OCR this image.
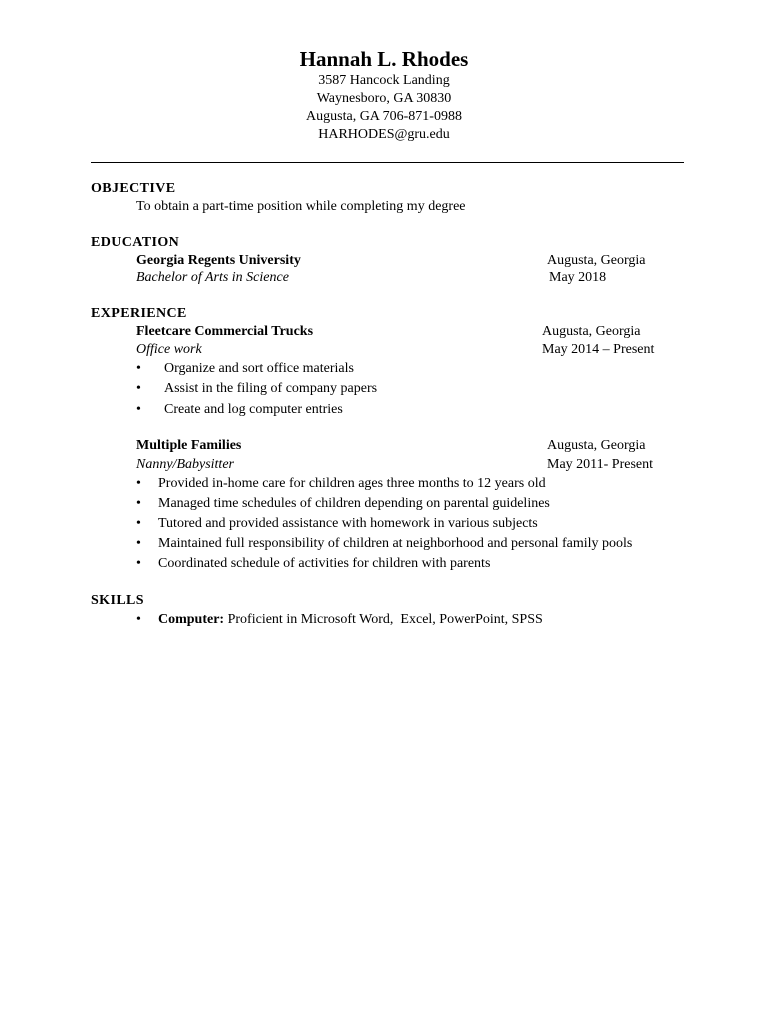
Hannah L. Rhodes
3587 Hancock Landing
Waynesboro, GA 30830
Augusta, GA 706-871-0988
HARHODES@gru.edu
OBJECTIVE
To obtain a part-time position while completing my degree
EDUCATION
Georgia Regents University	Augusta, Georgia
Bachelor of Arts in Science	May 2018
EXPERIENCE
Fleetcare Commercial Trucks	Augusta, Georgia
Office work	May 2014 – Present
• Organize and sort office materials
• Assist in the filing of company papers
• Create and log computer entries
Multiple Families	Augusta, Georgia
Nanny/Babysitter	May 2011- Present
• Provided in-home care for children ages three months to 12 years old
• Managed time schedules of children depending on parental guidelines
• Tutored and provided assistance with homework in various subjects
• Maintained full responsibility of children at neighborhood and personal family pools
• Coordinated schedule of activities for children with parents
SKILLS
• Computer: Proficient in Microsoft Word,  Excel, PowerPoint, SPSS
